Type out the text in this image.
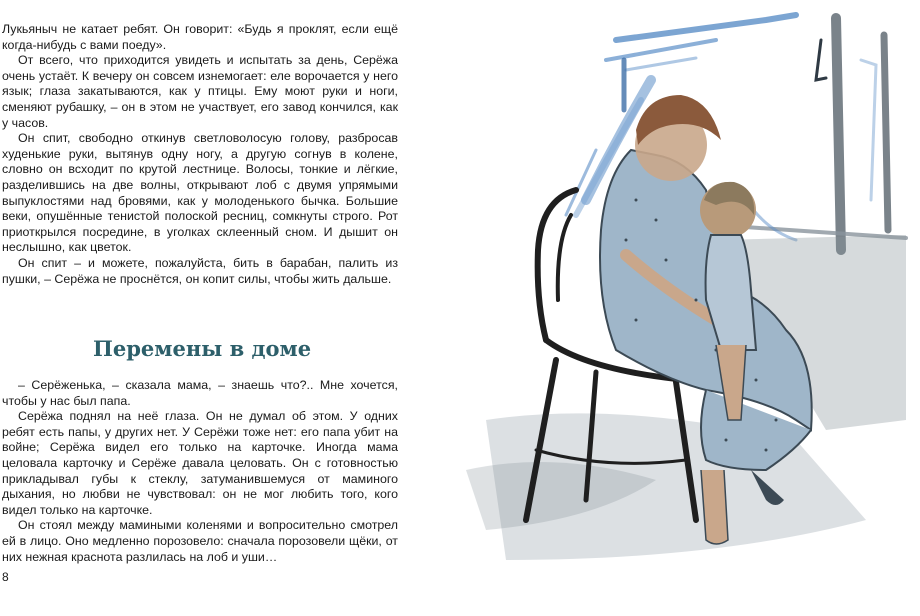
Лукьяныч не катает ребят. Он говорит: «Будь я проклят, если ещё когда-нибудь с вами поеду».

От всего, что приходится увидеть и испытать за день, Серёжа очень устаёт. К вечеру он совсем изнемогает: еле ворочается у него язык; глаза закатываются, как у птицы. Ему моют руки и ноги, сменяют рубашку, – он в этом не участвует, его завод кончился, как у часов.

Он спит, свободно откинув светловолосую голову, разбросав худенькие руки, вытянув одну ногу, а другую согнув в колене, словно он всходит по крутой лестнице. Волосы, тонкие и лёгкие, разделившись на две волны, открывают лоб с двумя упрямыми выпуклостями над бровями, как у молоденького бычка. Большие веки, опушённые тенистой полоской ресниц, сомкнуты строго. Рот приоткрылся посредине, в уголках склеенный сном. И дышит он неслышно, как цветок.

Он спит – и можете, пожалуйста, бить в барабан, палить из пушки, – Серёжа не проснётся, он копит силы, чтобы жить дальше.

Перемены в доме

– Серёженька, – сказала мама, – знаешь что?.. Мне хочется, чтобы у нас был папа.

Серёжа поднял на неё глаза. Он не думал об этом. У одних ребят есть папы, у других нет. У Серёжи тоже нет: его папа убит на войне; Серёжа видел его только на карточке. Иногда мама целовала карточку и Серёже давала целовать. Он с готовностью прикладывал губы к стеклу, затуманившемуся от маминого дыхания, но любви не чувствовал: он не мог любить того, кого видел только на карточке.

Он стоял между мамиными коленями и вопросительно смотрел ей в лицо. Оно медленно порозовело: сначала порозовели щёки, от них нежная краснота разлилась на лоб и уши…

8
